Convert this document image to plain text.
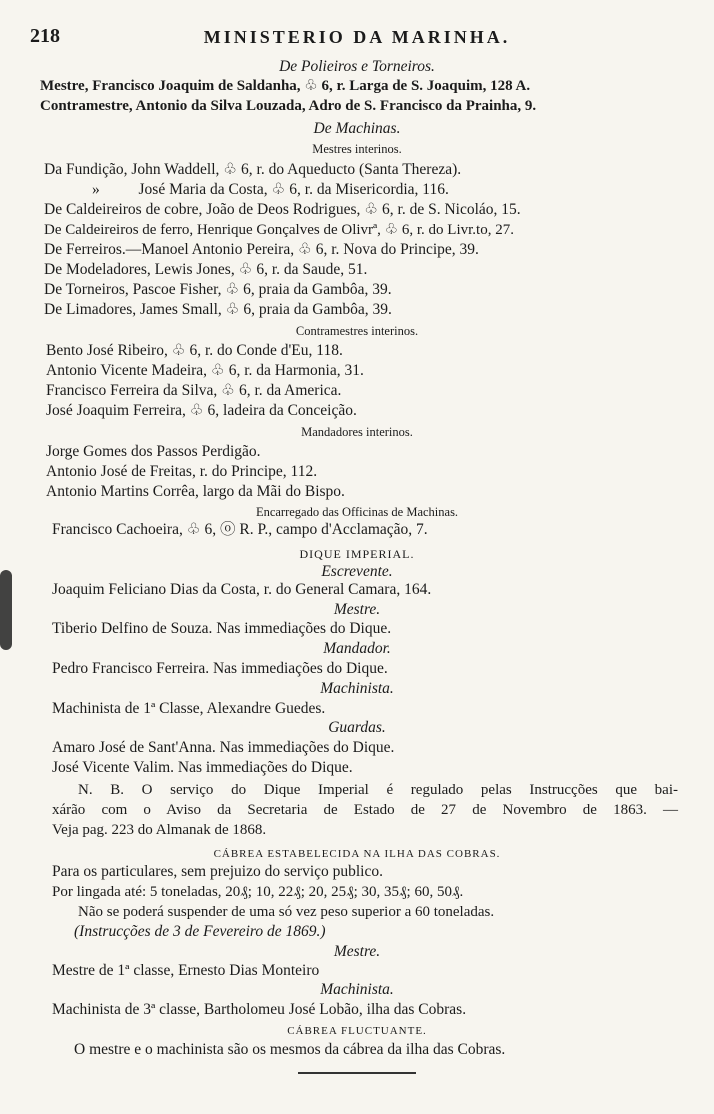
218	MINISTERIO DA MARINHA.
De Polieiros e Torneiros.
Mestre, Francisco Joaquim de Saldanha, ♧ 6, r. Larga de S. Joaquim, 128 A.
Contramestre, Antonio da Silva Louzada, Adro de S. Francisco da Prainha, 9.
De Machinas.
Mestres interinos.
Da Fundição, John Waddell, ♧ 6, r. do Aqueducto (Santa Thereza).
»          José Maria da Costa, ♧ 6, r. da Misericordia, 116.
De Caldeireiros de cobre, João de Deos Rodrigues, ♧ 6, r. de S. Nicoláo, 15.
De Caldeireiros de ferro, Henrique Gonçalves de Olivrª, ♧ 6, r. do Livr.to, 27.
De Ferreiros.—Manoel Antonio Pereira, ♧ 6, r. Nova do Principe, 39.
De Modeladores, Lewis Jones, ♧ 6, r. da Saude, 51.
De Torneiros, Pascoe Fisher, ♧ 6, praia da Gambôa, 39.
De Limadores, James Small, ♧ 6, praia da Gambôa, 39.
Contramestres interinos.
Bento José Ribeiro, ♧ 6, r. do Conde d'Eu, 118.
Antonio Vicente Madeira, ♧ 6, r. da Harmonia, 31.
Francisco Ferreira da Silva, ♧ 6, r. da America.
José Joaquim Ferreira, ♧ 6, ladeira da Conceição.
Mandadores interinos.
Jorge Gomes dos Passos Perdigão.
Antonio José de Freitas, r. do Principe, 112.
Antonio Martins Corrêa, largo da Mãi do Bispo.
Encarregado das Officinas de Machinas.
Francisco Cachoeira, ♧ 6, ⓞ R. P., campo d'Acclamação, 7.
DIQUE IMPERIAL.
Escrevente.
Joaquim Feliciano Dias da Costa, r. do General Camara, 164.
Mestre.
Tiberio Delfino de Souza. Nas immediações do Dique.
Mandador.
Pedro Francisco Ferreira. Nas immediações do Dique.
Machinista.
Machinista de 1ª Classe, Alexandre Guedes.
Guardas.
Amaro José de Sant'Anna. Nas immediações do Dique.
José Vicente Valim. Nas immediações do Dique.
N. B. O serviço do Dique Imperial é regulado pelas Instrucções que bai-
xárão com o Aviso da Secretaria de Estado de 27 de Novembro de 1863. —
Veja pag. 223 do Almanak de 1868.
CÁBREA ESTABELECIDA NA ILHA DAS COBRAS.
Para os particulares, sem prejuizo do serviço publico.
Por lingada até: 5 toneladas, 20₰; 10, 22₰; 20, 25₰; 30, 35₰; 60, 50₰.
Não se poderá suspender de uma só vez peso superior a 60 toneladas.
(Instrucções de 3 de Fevereiro de 1869.)
Mestre.
Mestre de 1ª classe, Ernesto Dias Monteiro
Machinista.
Machinista de 3ª classe, Bartholomeu José Lobão, ilha das Cobras.
CÁBREA FLUCTUANTE.
O mestre e o machinista são os mesmos da cábrea da ilha das Cobras.
